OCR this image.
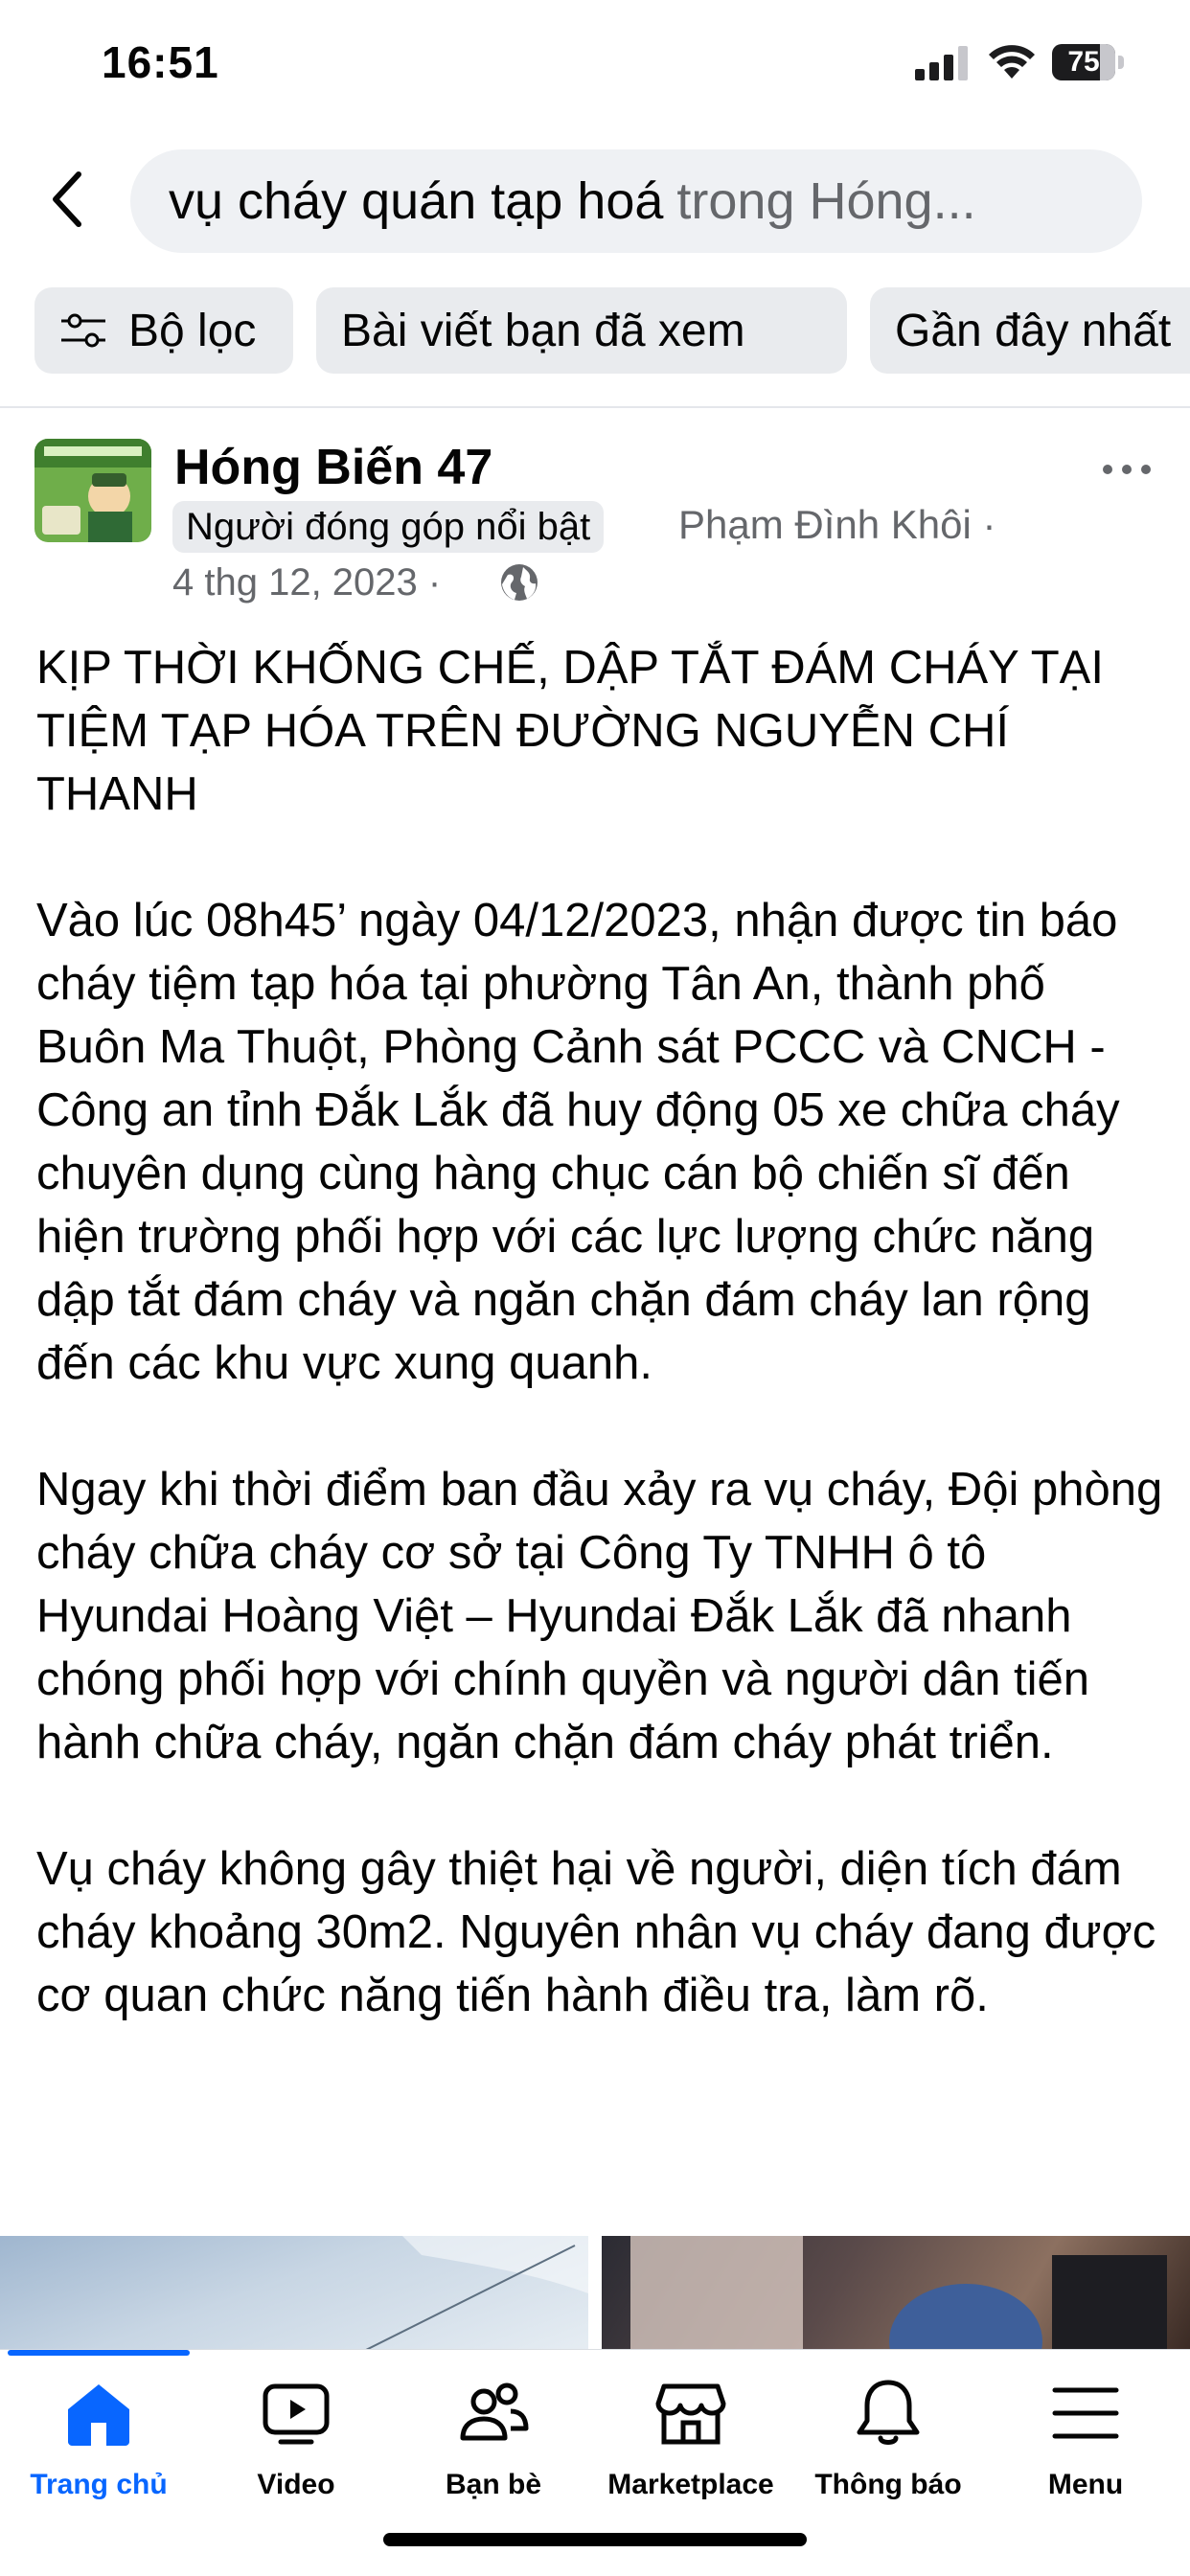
16:51	75
vụ cháy quán tạp hoá trong Hóng...
Bộ lọc Bài viết bạn đã xem	Gần đây nhất
Hóng Biến 47
Người đóng góp nổi bật	Phạm Đình Khôi ·
4 thg 12, 2023 ·

KỊP THỜI KHỐNG CHẾ, DẬP TẮT ĐÁM CHÁY TẠI TIỆM TẠP HÓA TRÊN ĐƯỜNG NGUYỄN CHÍ THANH

Vào lúc 08h45’ ngày 04/12/2023, nhận được tin báo cháy tiệm tạp hóa tại phường Tân An, thành phố Buôn Ma Thuột, Phòng Cảnh sát PCCC và CNCH - Công an tỉnh Đắk Lắk đã huy động 05 xe chữa cháy chuyên dụng cùng hàng chục cán bộ chiến sĩ đến hiện trường phối hợp với các lực lượng chức năng dập tắt đám cháy và ngăn chặn đám cháy lan rộng đến các khu vực xung quanh.

Ngay khi thời điểm ban đầu xảy ra vụ cháy, Đội phòng cháy chữa cháy cơ sở tại Công Ty TNHH ô tô Hyundai Hoàng Việt – Hyundai Đắk Lắk đã nhanh chóng phối hợp với chính quyền và người dân tiến hành chữa cháy, ngăn chặn đám cháy phát triển.

Vụ cháy không gây thiệt hại về người, diện tích đám cháy khoảng 30m2. Nguyên nhân vụ cháy đang được cơ quan chức năng tiến hành điều tra, làm rõ.

Trang chủ	Video	Bạn bè	Marketplace	Thông báo	Menu
